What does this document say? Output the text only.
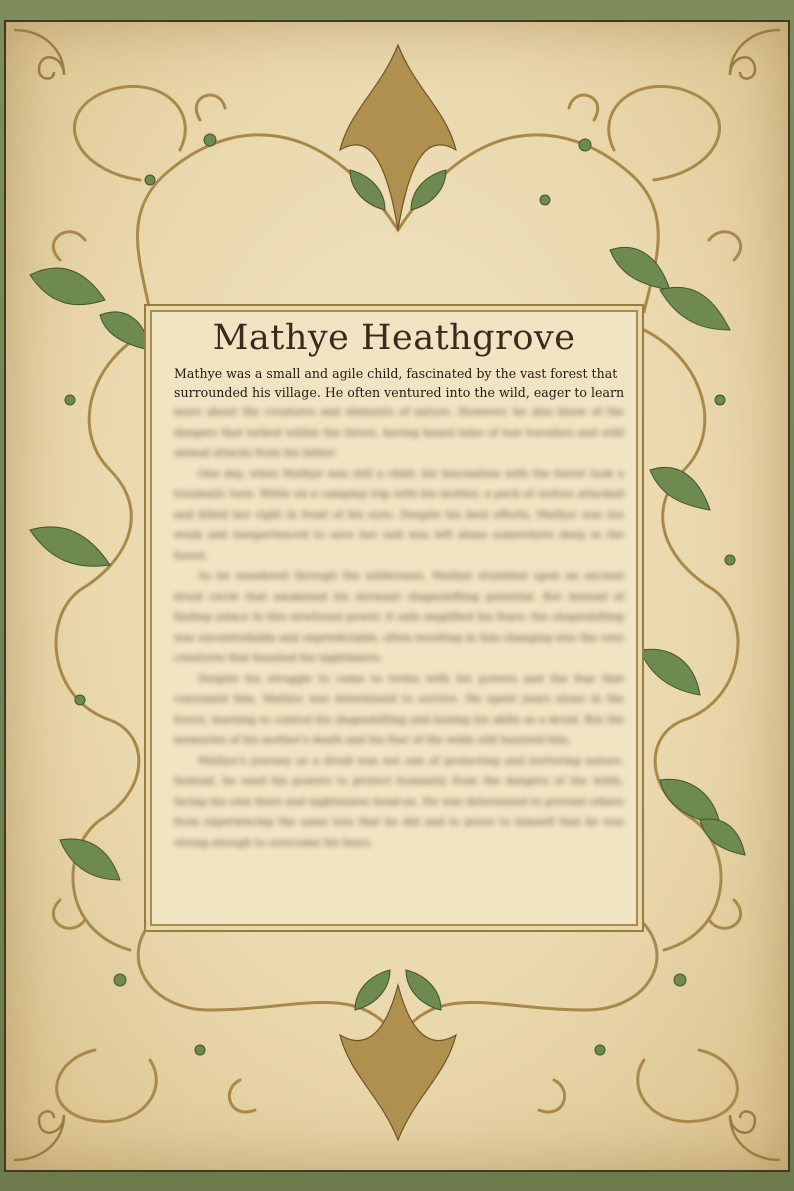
Mathye Heathgrove
Mathye was a small and agile child, fascinated by the vast forest that
surrounded his village. He often ventured into the wild, eager to learn

more about the creatures and elements of nature. However, he also knew of the dangers that lurked within the forest, having heard tales of lost travelers and wild animal attacks from his father.

One day, when Mathye was still a child, his fascination with the forest took a traumatic turn. While on a camping trip with his mother, a pack of wolves attacked and killed her right in front of his eyes. Despite his best efforts, Mathye was too weak and inexperienced to save her and was left alone somewhere deep in the forest.

As he wandered through the wilderness, Mathye stumbled upon an ancient druid circle that awakened his dormant shapeshifting potential. But instead of finding solace in this newfound power, it only amplified his fears: the shapeshifting was uncontrollable and unpredictable, often resulting in him changing into the very creatures that haunted his nightmares.

Despite his struggle to come to terms with his powers and the fear that consumed him, Mathye was determined to survive. He spent years alone in the forest, learning to control his shapeshifting and honing his skills as a druid. But the memories of his mother's death and his fear of the wilds still haunted him.

Mathye's journey as a druid was not one of protecting and nurturing nature. Instead, he used his powers to protect humanity from the dangers of the wilds, facing his own fears and nightmares head-on. He was determined to prevent others from experiencing the same loss that he did and to prove to himself that he was strong enough to overcome his fears.
